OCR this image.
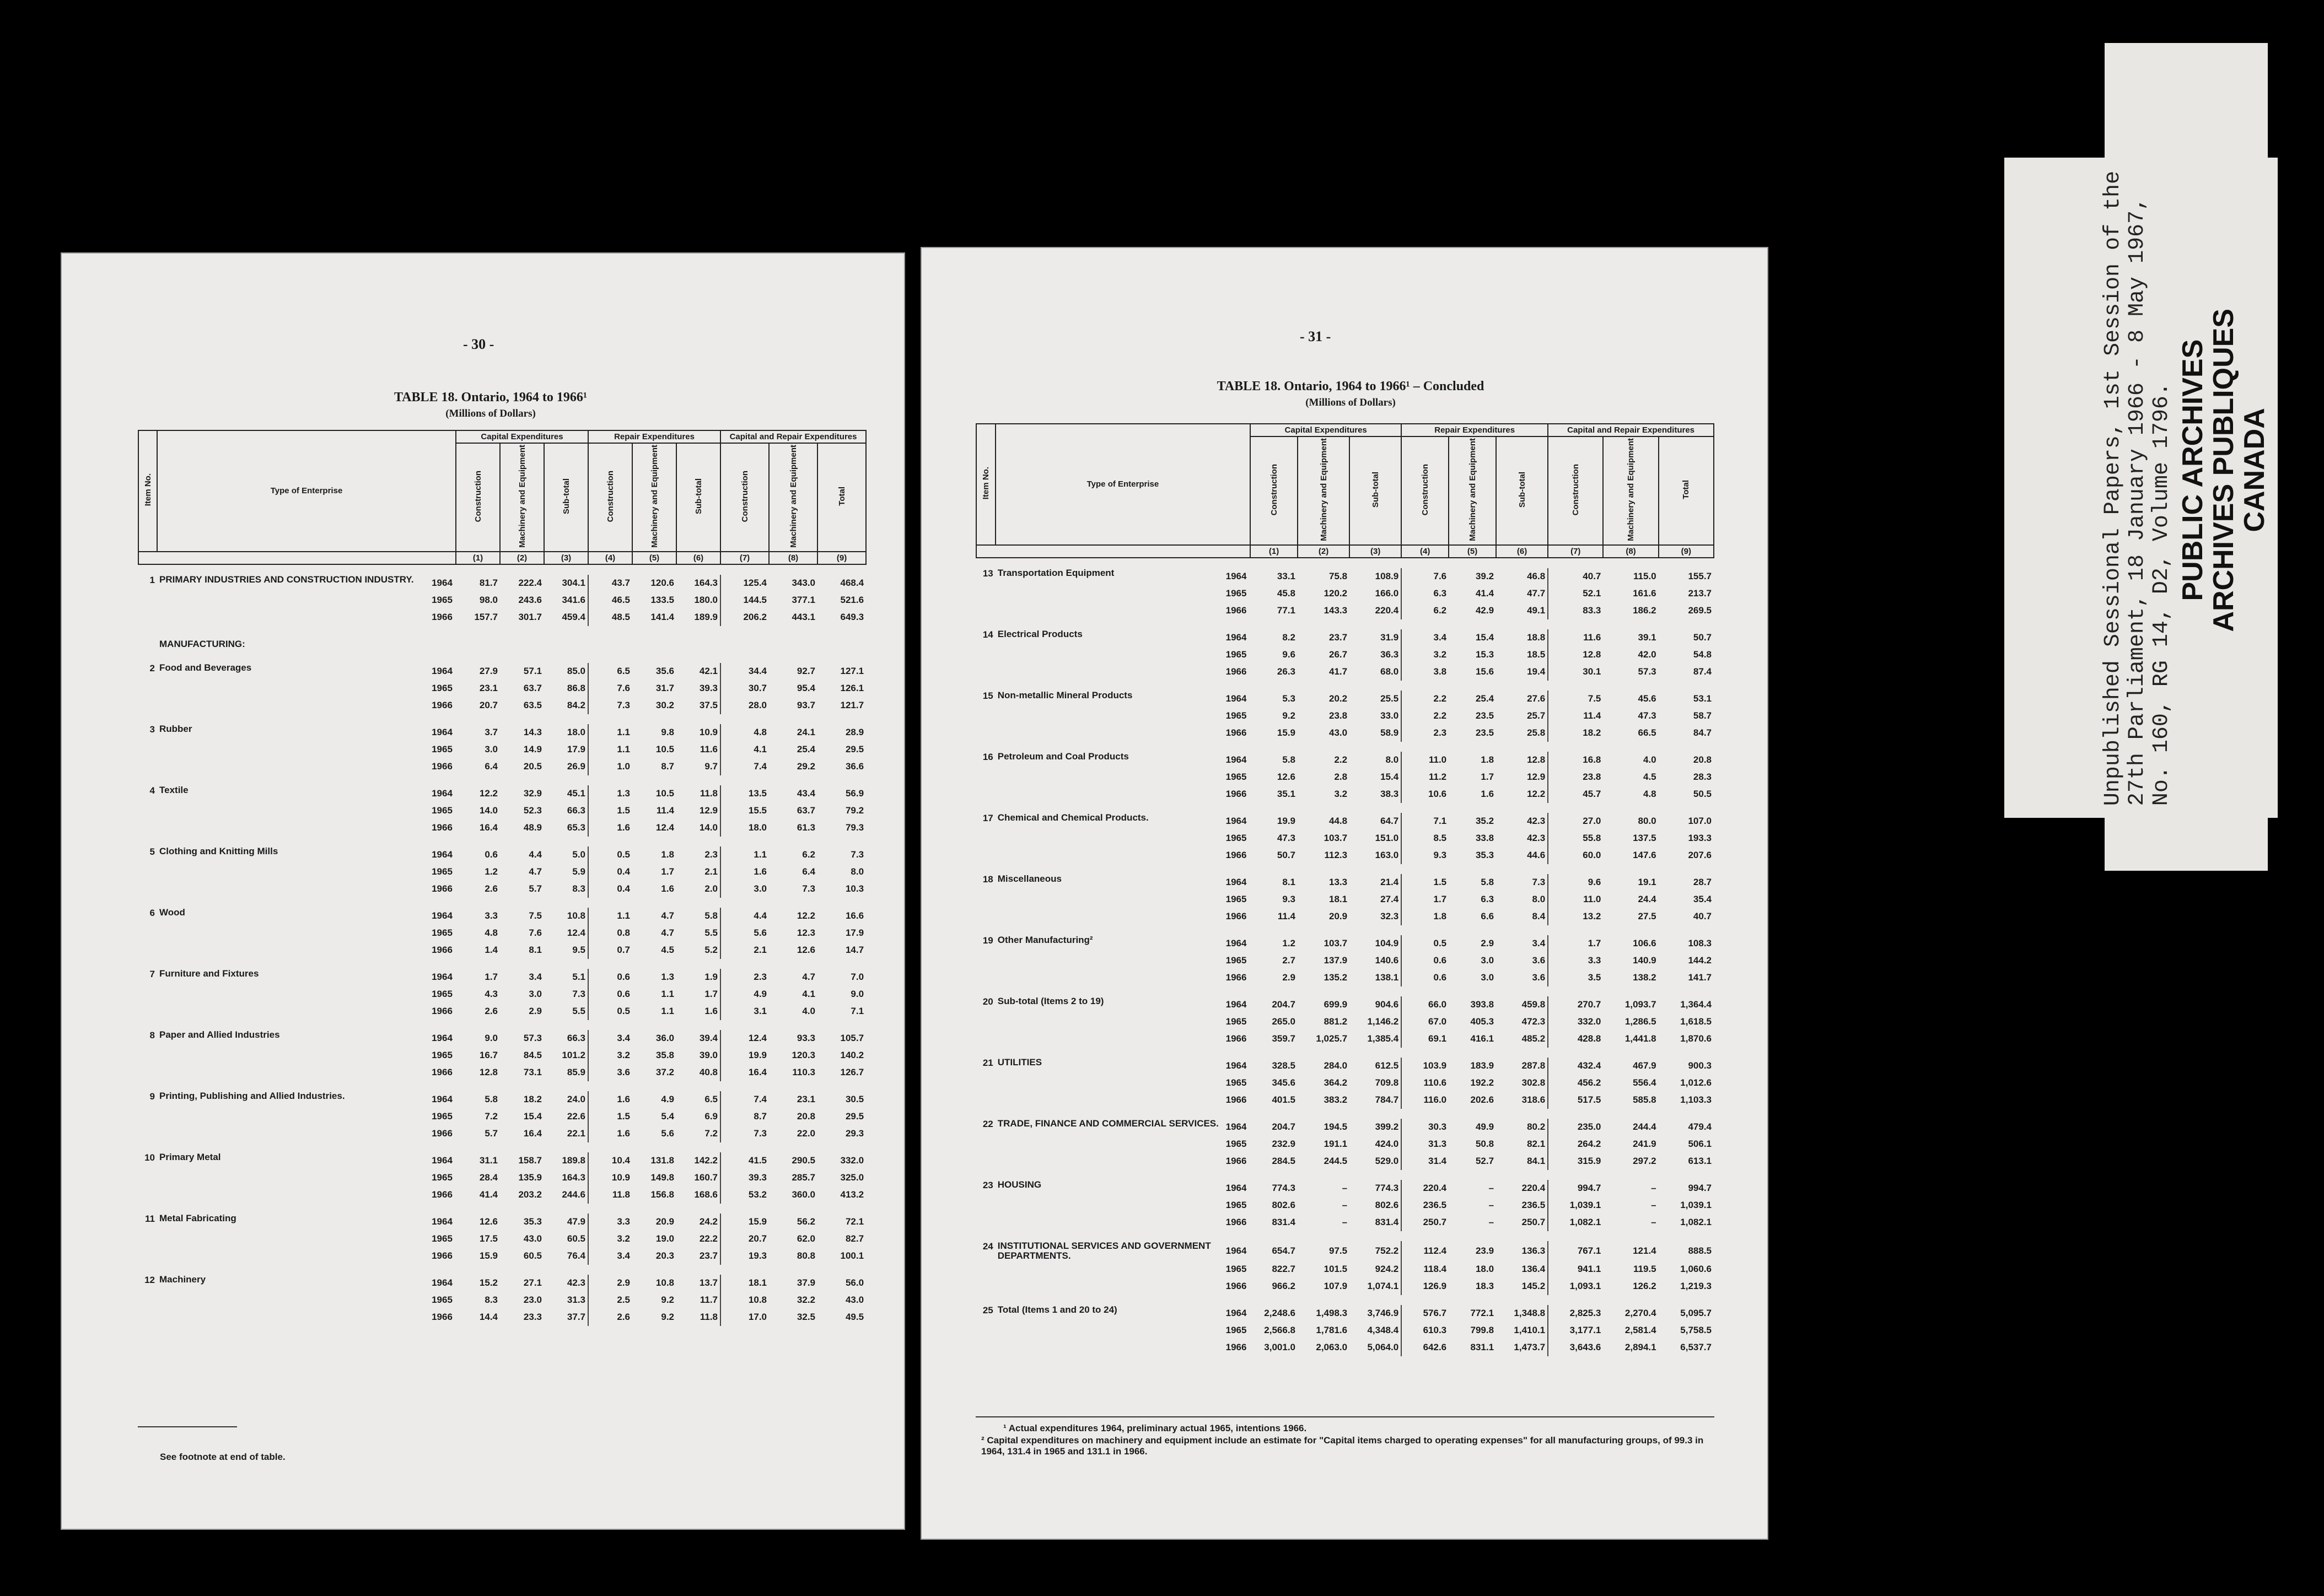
- 30 -
TABLE 18. Ontario, 1964 to 1966¹
(Millions of Dollars)
Item No.	Type of Enterprise		Capital Expenditures			Repair Expenditures			Capital and Repair Expenditures		
			Construction	Machinery and Equipment	Sub-total	Construction	Machinery and Equipment	Sub-total	Construction	Machinery and Equipment	Total
			(1)	(2)	(3)	(4)	(5)	(6)	(7)	(8)	(9)

1	PRIMARY INDUSTRIES AND CONSTRUCTION INDUSTRY.	1964	81.7	222.4	304.1	43.7	120.6	164.3	125.4	343.0	468.4
		1965	98.0	243.6	341.6	46.5	133.5	180.0	144.5	377.1	521.6
		1966	157.7	301.7	459.4	48.5	141.4	189.9	206.2	443.1	649.3

	MANUFACTURING:										

2	Food and Beverages	1964	27.9	57.1	85.0	6.5	35.6	42.1	34.4	92.7	127.1
		1965	23.1	63.7	86.8	7.6	31.7	39.3	30.7	95.4	126.1
		1966	20.7	63.5	84.2	7.3	30.2	37.5	28.0	93.7	121.7

3	Rubber	1964	3.7	14.3	18.0	1.1	9.8	10.9	4.8	24.1	28.9
		1965	3.0	14.9	17.9	1.1	10.5	11.6	4.1	25.4	29.5
		1966	6.4	20.5	26.9	1.0	8.7	9.7	7.4	29.2	36.6

4	Textile	1964	12.2	32.9	45.1	1.3	10.5	11.8	13.5	43.4	56.9
		1965	14.0	52.3	66.3	1.5	11.4	12.9	15.5	63.7	79.2
		1966	16.4	48.9	65.3	1.6	12.4	14.0	18.0	61.3	79.3

5	Clothing and Knitting Mills	1964	0.6	4.4	5.0	0.5	1.8	2.3	1.1	6.2	7.3
		1965	1.2	4.7	5.9	0.4	1.7	2.1	1.6	6.4	8.0
		1966	2.6	5.7	8.3	0.4	1.6	2.0	3.0	7.3	10.3

6	Wood	1964	3.3	7.5	10.8	1.1	4.7	5.8	4.4	12.2	16.6
		1965	4.8	7.6	12.4	0.8	4.7	5.5	5.6	12.3	17.9
		1966	1.4	8.1	9.5	0.7	4.5	5.2	2.1	12.6	14.7

7	Furniture and Fixtures	1964	1.7	3.4	5.1	0.6	1.3	1.9	2.3	4.7	7.0
		1965	4.3	3.0	7.3	0.6	1.1	1.7	4.9	4.1	9.0
		1966	2.6	2.9	5.5	0.5	1.1	1.6	3.1	4.0	7.1

8	Paper and Allied Industries	1964	9.0	57.3	66.3	3.4	36.0	39.4	12.4	93.3	105.7
		1965	16.7	84.5	101.2	3.2	35.8	39.0	19.9	120.3	140.2
		1966	12.8	73.1	85.9	3.6	37.2	40.8	16.4	110.3	126.7

9	Printing, Publishing and Allied Industries.	1964	5.8	18.2	24.0	1.6	4.9	6.5	7.4	23.1	30.5
		1965	7.2	15.4	22.6	1.5	5.4	6.9	8.7	20.8	29.5
		1966	5.7	16.4	22.1	1.6	5.6	7.2	7.3	22.0	29.3

10	Primary Metal	1964	31.1	158.7	189.8	10.4	131.8	142.2	41.5	290.5	332.0
		1965	28.4	135.9	164.3	10.9	149.8	160.7	39.3	285.7	325.0
		1966	41.4	203.2	244.6	11.8	156.8	168.6	53.2	360.0	413.2

11	Metal Fabricating	1964	12.6	35.3	47.9	3.3	20.9	24.2	15.9	56.2	72.1
		1965	17.5	43.0	60.5	3.2	19.0	22.2	20.7	62.0	82.7
		1966	15.9	60.5	76.4	3.4	20.3	23.7	19.3	80.8	100.1

12	Machinery	1964	15.2	27.1	42.3	2.9	10.8	13.7	18.1	37.9	56.0
		1965	8.3	23.0	31.3	2.5	9.2	11.7	10.8	32.2	43.0
		1966	14.4	23.3	37.7	2.6	9.2	11.8	17.0	32.5	49.5
See footnote at end of table.
- 31 -
TABLE 18. Ontario, 1964 to 1966¹ – Concluded
(Millions of Dollars)
Item No.	Type of Enterprise		Capital Expenditures			Repair Expenditures			Capital and Repair Expenditures		
			Construction	Machinery and Equipment	Sub-total	Construction	Machinery and Equipment	Sub-total	Construction	Machinery and Equipment	Total
			(1)	(2)	(3)	(4)	(5)	(6)	(7)	(8)	(9)

13	Transportation Equipment	1964	33.1	75.8	108.9	7.6	39.2	46.8	40.7	115.0	155.7
		1965	45.8	120.2	166.0	6.3	41.4	47.7	52.1	161.6	213.7
		1966	77.1	143.3	220.4	6.2	42.9	49.1	83.3	186.2	269.5

14	Electrical Products	1964	8.2	23.7	31.9	3.4	15.4	18.8	11.6	39.1	50.7
		1965	9.6	26.7	36.3	3.2	15.3	18.5	12.8	42.0	54.8
		1966	26.3	41.7	68.0	3.8	15.6	19.4	30.1	57.3	87.4

15	Non-metallic Mineral Products	1964	5.3	20.2	25.5	2.2	25.4	27.6	7.5	45.6	53.1
		1965	9.2	23.8	33.0	2.2	23.5	25.7	11.4	47.3	58.7
		1966	15.9	43.0	58.9	2.3	23.5	25.8	18.2	66.5	84.7

16	Petroleum and Coal Products	1964	5.8	2.2	8.0	11.0	1.8	12.8	16.8	4.0	20.8
		1965	12.6	2.8	15.4	11.2	1.7	12.9	23.8	4.5	28.3
		1966	35.1	3.2	38.3	10.6	1.6	12.2	45.7	4.8	50.5

17	Chemical and Chemical Products.	1964	19.9	44.8	64.7	7.1	35.2	42.3	27.0	80.0	107.0
		1965	47.3	103.7	151.0	8.5	33.8	42.3	55.8	137.5	193.3
		1966	50.7	112.3	163.0	9.3	35.3	44.6	60.0	147.6	207.6

18	Miscellaneous	1964	8.1	13.3	21.4	1.5	5.8	7.3	9.6	19.1	28.7
		1965	9.3	18.1	27.4	1.7	6.3	8.0	11.0	24.4	35.4
		1966	11.4	20.9	32.3	1.8	6.6	8.4	13.2	27.5	40.7

19	Other Manufacturing²	1964	1.2	103.7	104.9	0.5	2.9	3.4	1.7	106.6	108.3
		1965	2.7	137.9	140.6	0.6	3.0	3.6	3.3	140.9	144.2
		1966	2.9	135.2	138.1	0.6	3.0	3.6	3.5	138.2	141.7

20	Sub-total (Items 2 to 19)	1964	204.7	699.9	904.6	66.0	393.8	459.8	270.7	1,093.7	1,364.4
		1965	265.0	881.2	1,146.2	67.0	405.3	472.3	332.0	1,286.5	1,618.5
		1966	359.7	1,025.7	1,385.4	69.1	416.1	485.2	428.8	1,441.8	1,870.6

21	UTILITIES	1964	328.5	284.0	612.5	103.9	183.9	287.8	432.4	467.9	900.3
		1965	345.6	364.2	709.8	110.6	192.2	302.8	456.2	556.4	1,012.6
		1966	401.5	383.2	784.7	116.0	202.6	318.6	517.5	585.8	1,103.3

22	TRADE, FINANCE AND COMMERCIAL SERVICES.	1964	204.7	194.5	399.2	30.3	49.9	80.2	235.0	244.4	479.4
		1965	232.9	191.1	424.0	31.3	50.8	82.1	264.2	241.9	506.1
		1966	284.5	244.5	529.0	31.4	52.7	84.1	315.9	297.2	613.1

23	HOUSING	1964	774.3	–	774.3	220.4	–	220.4	994.7	–	994.7
		1965	802.6	–	802.6	236.5	–	236.5	1,039.1	–	1,039.1
		1966	831.4	–	831.4	250.7	–	250.7	1,082.1	–	1,082.1

24	INSTITUTIONAL SERVICES AND GOVERNMENT DEPARTMENTS.	1964	654.7	97.5	752.2	112.4	23.9	136.3	767.1	121.4	888.5
		1965	822.7	101.5	924.2	118.4	18.0	136.4	941.1	119.5	1,060.6
		1966	966.2	107.9	1,074.1	126.9	18.3	145.2	1,093.1	126.2	1,219.3

25	Total (Items 1 and 20 to 24)	1964	2,248.6	1,498.3	3,746.9	576.7	772.1	1,348.8	2,825.3	2,270.4	5,095.7
		1965	2,566.8	1,781.6	4,348.4	610.3	799.8	1,410.1	3,177.1	2,581.4	5,758.5
		1966	3,001.0	2,063.0	5,064.0	642.6	831.1	1,473.7	3,643.6	2,894.1	6,537.7
¹ Actual expenditures 1964, preliminary actual 1965, intentions 1966.
² Capital expenditures on machinery and equipment include an estimate for "Capital items charged to operating expenses" for all manufacturing groups, of 99.3 in 1964, 131.4 in 1965 and 131.1 in 1966.
Unpublished Sessional Papers, 1st Session of the 27th Parliament, 18 January 1966 - 8 May 1967, No. 160, RG 14, D2, Volume 1796. PUBLIC ARCHIVES
ARCHIVES PUBLIQUES
CANADA
